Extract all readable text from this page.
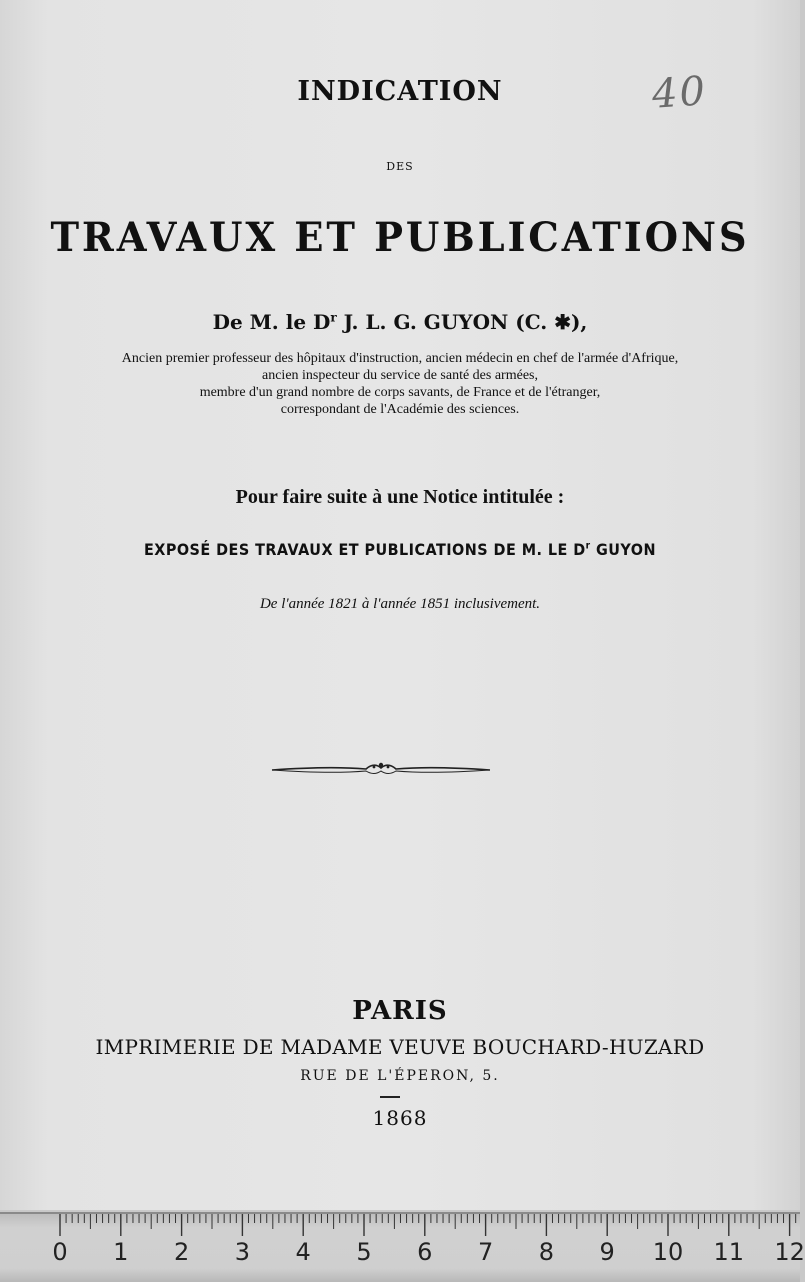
40
INDICATION
DES
TRAVAUX ET PUBLICATIONS
De M. le $D^r$ J. L. G. GUYON (C. ✱),
Ancien premier professeur des hôpitaux d'instruction, ancien médecin en chef de l'armée d'Afrique,
ancien inspecteur du service de santé des armées,
membre d'un grand nombre de corps savants, de France et de l'étranger,
correspondant de l'Académie des sciences.
Pour faire suite à une Notice intitulée :
EXPOSÉ DES TRAVAUX ET PUBLICATIONS DE M. LE $D^r$ GUYON
De l'année 1821 à l'année 1851 inclusivement.
PARIS
IMPRIMERIE DE MADAME VEUVE BOUCHARD-HUZARD
RUE DE L'ÉPERON, 5.
1868
0 1 2 3 4 5 6 7 8 9 10 11 12
